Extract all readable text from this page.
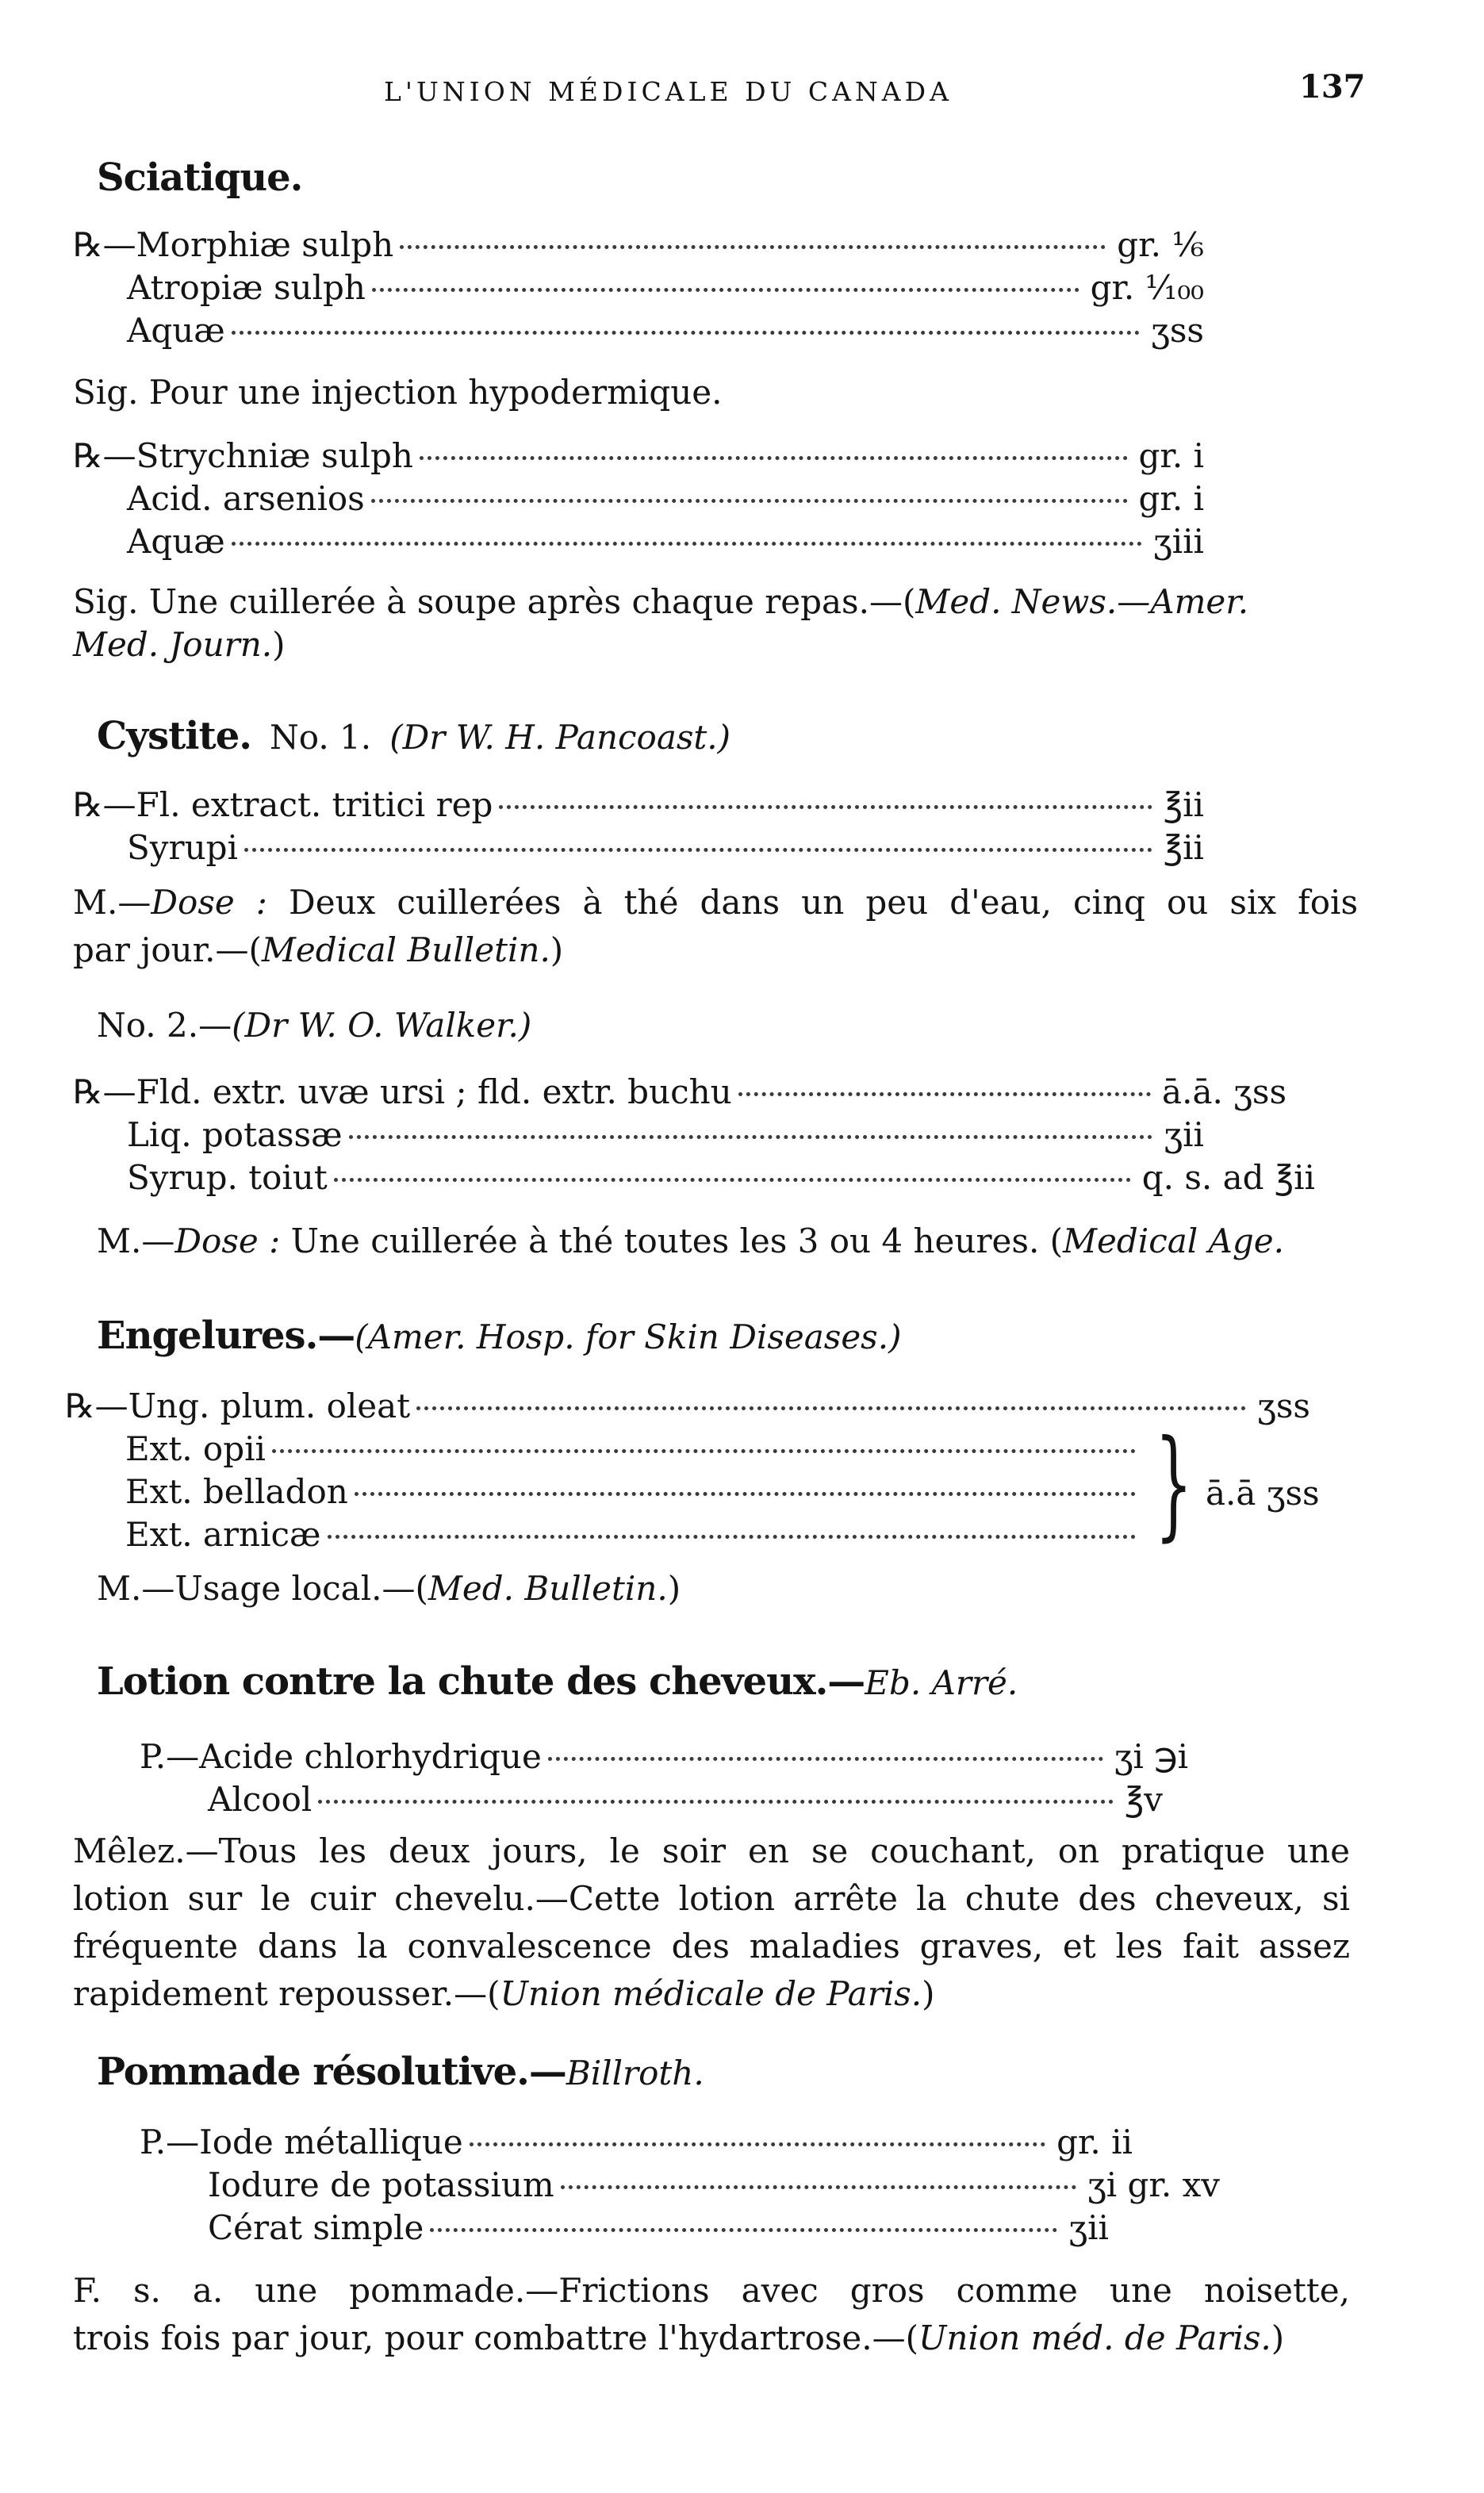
L'UNION MÉDICALE DU CANADA	137
Sciatique.
℞—Morphiæ sulph	gr. ⅙
Atropiæ sulph	gr. ¹⁄₁₀₀
Aquæ	ʒss
Sig. Pour une injection hypodermique.
℞—Strychniæ sulph	gr. i
Acid. arsenios	gr. i
Aquæ	ʒiii
Sig. Une cuillerée à soupe après chaque repas.—(Med. News.—Amer.
Med. Journ.)
Cystite. No. 1. (Dr W. H. Pancoast.)
℞—Fl. extract. tritici rep	℥ii
Syrupi	℥ii
M.—Dose : Deux cuillerées à thé dans un peu d'eau, cinq ou six fois
par jour.—(Medical Bulletin.)
No. 2.—(Dr W. O. Walker.)
℞—Fld. extr. uvæ ursi ; fld. extr. buchu	ā.ā. ʒss
Liq. potassæ	ʒii
Syrup. toiut	q. s. ad ℥ii
M.—Dose : Une cuillerée à thé toutes les 3 ou 4 heures. (Medical Age.
Engelures.—(Amer. Hosp. for Skin Diseases.)
℞—Ung. plum. oleat	ʒss
Ext. opii
Ext. belladon
Ext. arnicæ	} ā.ā ʒss
M.—Usage local.—(Med. Bulletin.)
Lotion contre la chute des cheveux.—Eb. Arré.
P.—Acide chlorhydrique	ʒi ℈i
Alcool	℥v
Mêlez.—Tous les deux jours, le soir en se couchant, on pratique une
lotion sur le cuir chevelu.—Cette lotion arrête la chute des cheveux, si
fréquente dans la convalescence des maladies graves, et les fait assez
rapidement repousser.—(Union médicale de Paris.)
Pommade résolutive.—Billroth.
P.—Iode métallique	gr. ii
Iodure de potassium	ʒi gr. xv
Cérat simple	ʒii
F. s. a. une pommade.—Frictions avec gros comme une noisette,
trois fois par jour, pour combattre l'hydartrose.—(Union méd. de Paris.)
